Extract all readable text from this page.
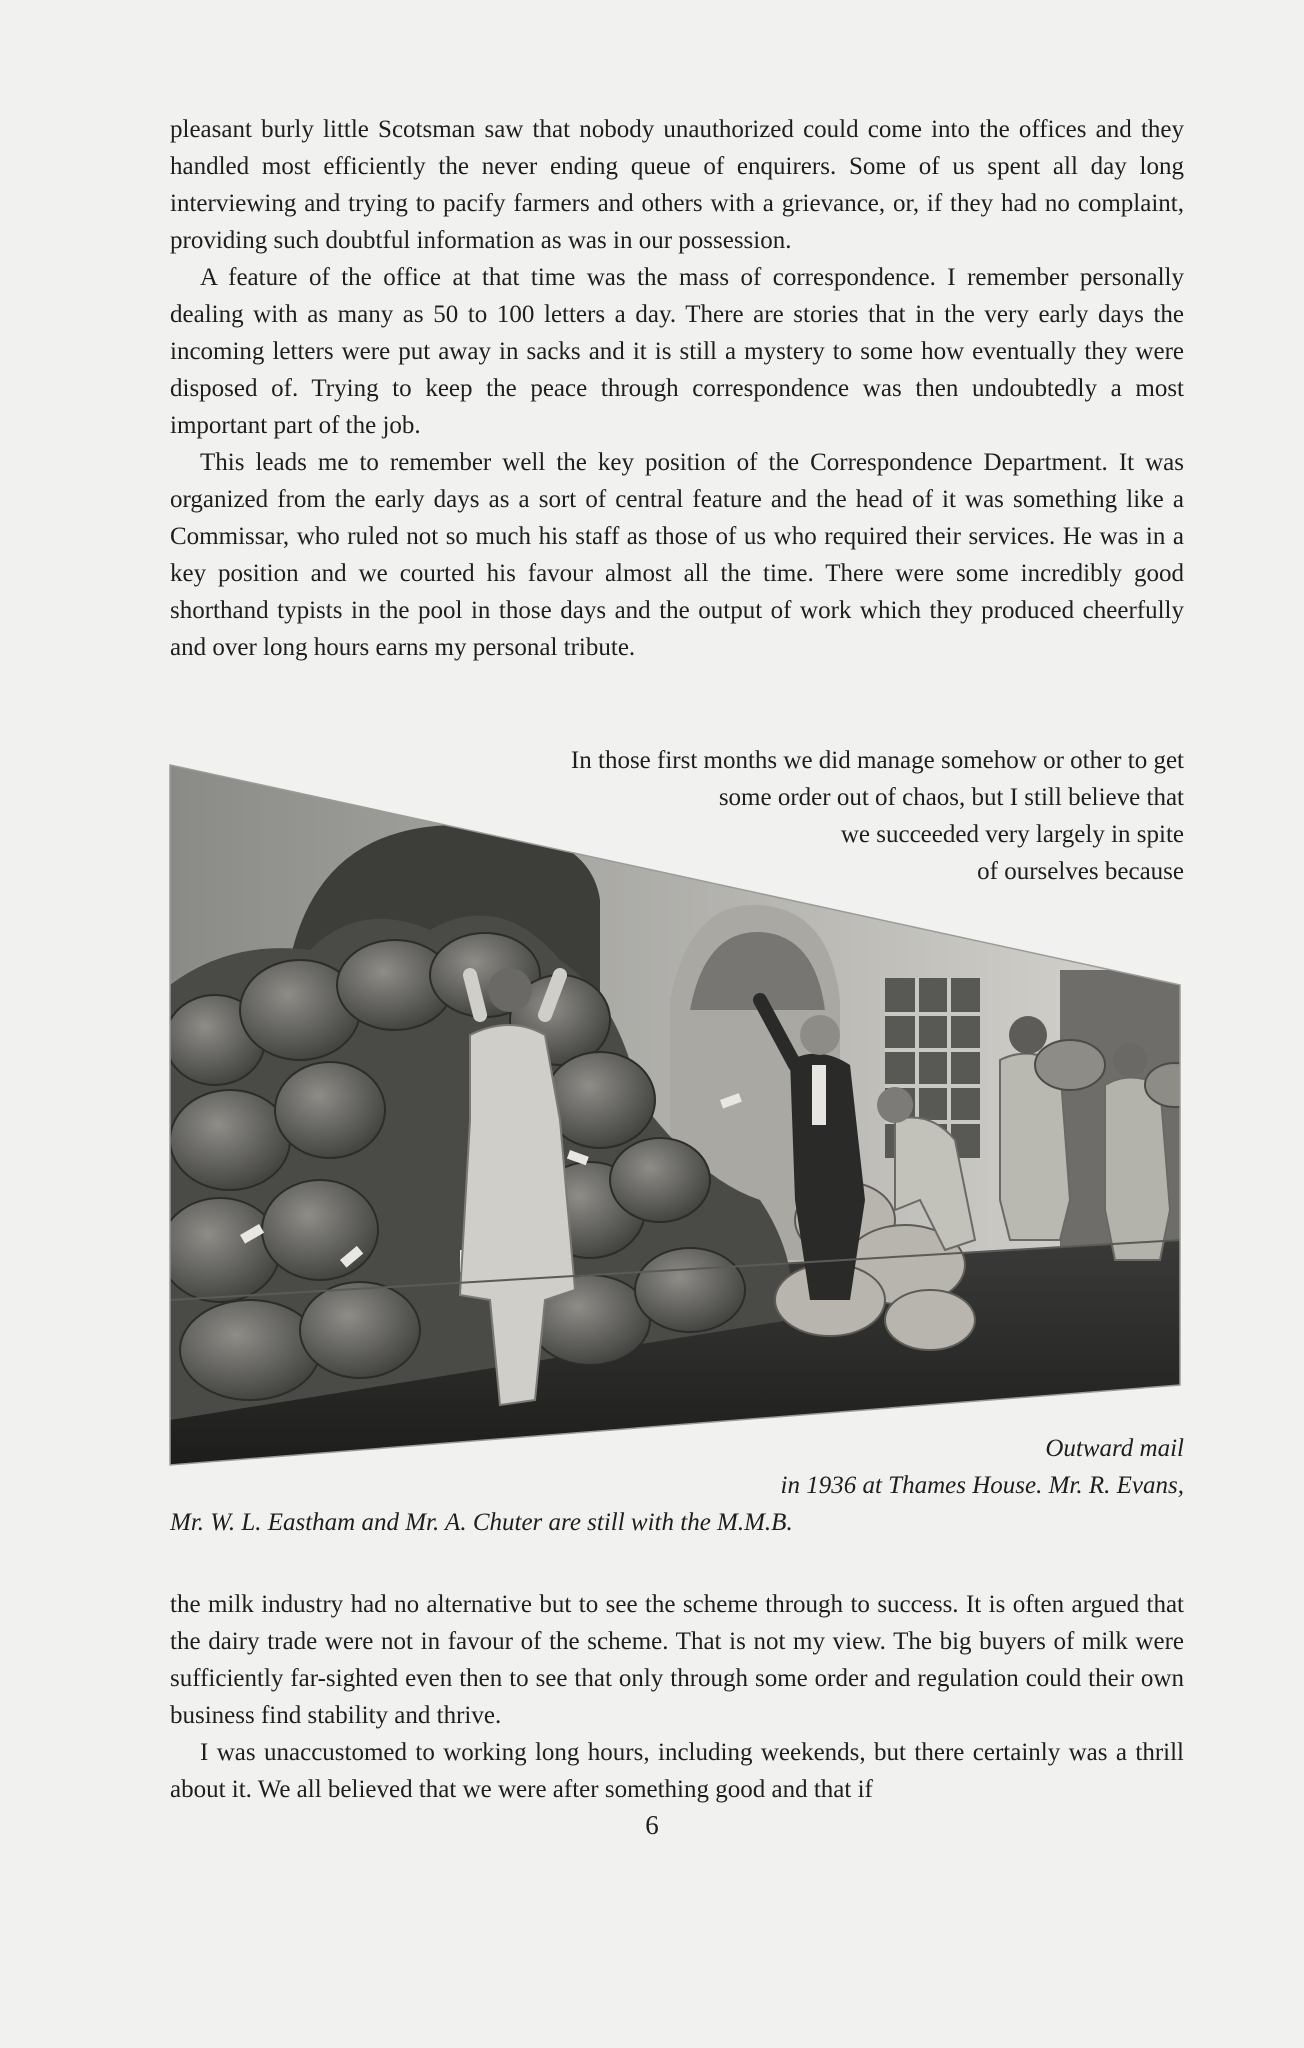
pleasant burly little Scotsman saw that nobody unauthorized could come into the offices and they handled most efficiently the never ending queue of enquirers. Some of us spent all day long interviewing and trying to pacify farmers and others with a grievance, or, if they had no complaint, providing such doubtful information as was in our possession.

A feature of the office at that time was the mass of correspondence. I remember personally dealing with as many as 50 to 100 letters a day. There are stories that in the very early days the incoming letters were put away in sacks and it is still a mystery to some how eventually they were disposed of. Trying to keep the peace through correspondence was then undoubtedly a most important part of the job.

This leads me to remember well the key position of the Correspondence Department. It was organized from the early days as a sort of central feature and the head of it was something like a Commissar, who ruled not so much his staff as those of us who required their services. He was in a key position and we courted his favour almost all the time. There were some incredibly good shorthand typists in the pool in those days and the output of work which they produced cheerfully and over long hours earns my personal tribute.

In those first months we did manage somehow or other to get
some order out of chaos, but I still believe that
we succeeded very largely in spite
of ourselves because
Outward mail
in 1936 at Thames House. Mr. R. Evans,
Mr. W. L. Eastham and Mr. A. Chuter are still with the M.M.B.

the milk industry had no alternative but to see the scheme through to success. It is often argued that the dairy trade were not in favour of the scheme. That is not my view. The big buyers of milk were sufficiently far-sighted even then to see that only through some order and regulation could their own business find stability and thrive.

I was unaccustomed to working long hours, including weekends, but there certainly was a thrill about it. We all believed that we were after something good and that if

6
